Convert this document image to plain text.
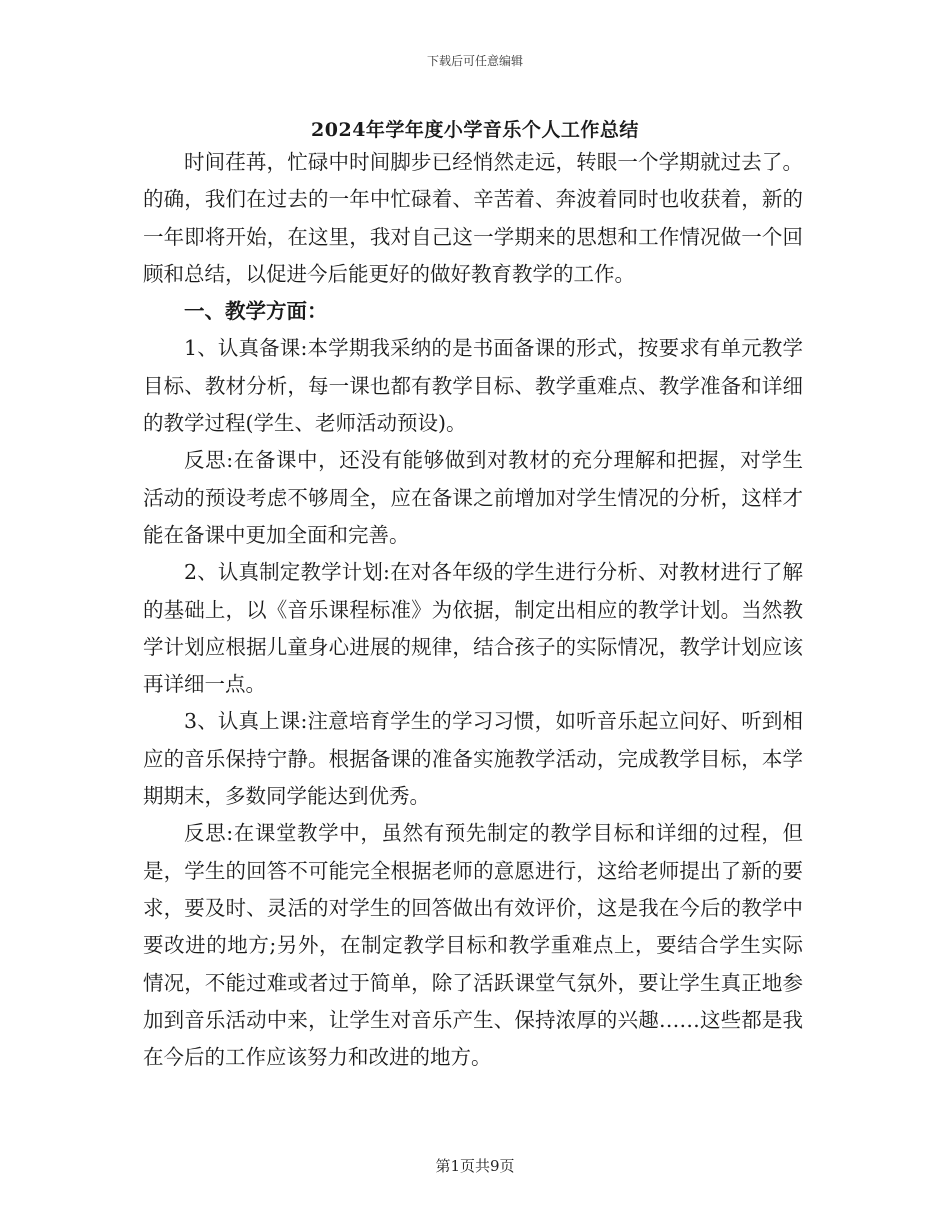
下载后可任意编辑
2024年学年度小学音乐个人工作总结

时间荏苒，忙碌中时间脚步已经悄然走远，转眼一个学期就过去了。的确，我们在过去的一年中忙碌着、辛苦着、奔波着同时也收获着，新的一年即将开始，在这里，我对自己这一学期来的思想和工作情况做一个回顾和总结，以促进今后能更好的做好教育教学的工作。

一、教学方面：

1、认真备课:本学期我采纳的是书面备课的形式，按要求有单元教学目标、教材分析，每一课也都有教学目标、教学重难点、教学准备和详细的教学过程(学生、老师活动预设)。

反思:在备课中，还没有能够做到对教材的充分理解和把握，对学生活动的预设考虑不够周全，应在备课之前增加对学生情况的分析，这样才能在备课中更加全面和完善。

2、认真制定教学计划:在对各年级的学生进行分析、对教材进行了解的基础上，以《音乐课程标准》为依据，制定出相应的教学计划。当然教学计划应根据儿童身心进展的规律，结合孩子的实际情况，教学计划应该再详细一点。

3、认真上课:注意培育学生的学习习惯，如听音乐起立问好、听到相应的音乐保持宁静。根据备课的准备实施教学活动，完成教学目标，本学期期末，多数同学能达到优秀。

反思:在课堂教学中，虽然有预先制定的教学目标和详细的过程，但是，学生的回答不可能完全根据老师的意愿进行，这给老师提出了新的要求，要及时、灵活的对学生的回答做出有效评价，这是我在今后的教学中要改进的地方;另外，在制定教学目标和教学重难点上，要结合学生实际情况，不能过难或者过于简单，除了活跃课堂气氛外，要让学生真正地参加到音乐活动中来，让学生对音乐产生、保持浓厚的兴趣……这些都是我在今后的工作应该努力和改进的地方。

第1页共9页
